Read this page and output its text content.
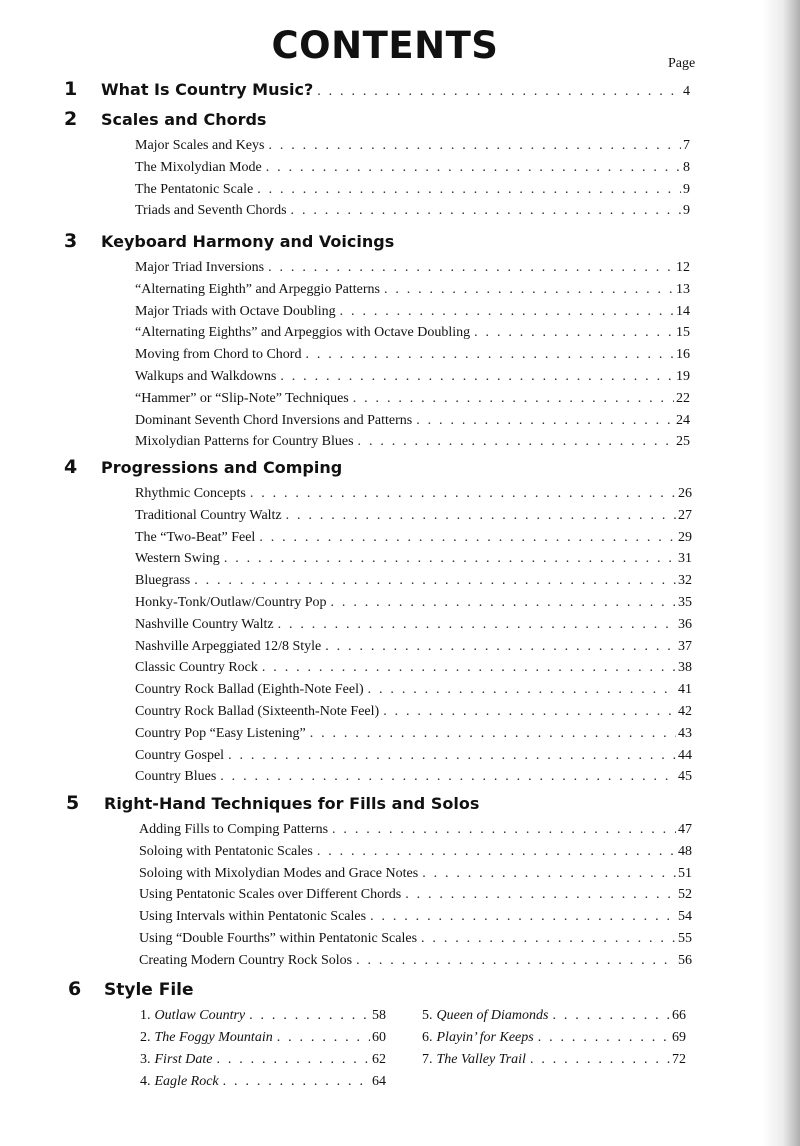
CONTENTS	Page
1 What Is Country Music? . . .	4
2 Scales and Chords
Major Scales and Keys . . .	7
The Mixolydian Mode . . .	8
The Pentatonic Scale . . .	9
Triads and Seventh Chords . . .	9
3 Keyboard Harmony and Voicings
Major Triad Inversions . . .	12
“Alternating Eighth” and Arpeggio Patterns . . .	13
Major Triads with Octave Doubling . . .	14
“Alternating Eighths” and Arpeggios with Octave Doubling . . .	15
Moving from Chord to Chord . . .	16
Walkups and Walkdowns . . .	19
“Hammer” or “Slip-Note” Techniques . . .	22
Dominant Seventh Chord Inversions and Patterns . . .	24
Mixolydian Patterns for Country Blues . . .	25
4 Progressions and Comping
Rhythmic Concepts . . .	26
Traditional Country Waltz . . .	27
The “Two-Beat” Feel . . .	29
Western Swing . . .	31
Bluegrass . . .	32
Honky-Tonk/Outlaw/Country Pop . . .	35
Nashville Country Waltz . . .	36
Nashville Arpeggiated 12/8 Style . . .	37
Classic Country Rock . . .	38
Country Rock Ballad (Eighth-Note Feel) . . .	41
Country Rock Ballad (Sixteenth-Note Feel) . . .	42
Country Pop “Easy Listening” . . .	43
Country Gospel . . .	44
Country Blues . . .	45
5 Right-Hand Techniques for Fills and Solos
Adding Fills to Comping Patterns . . .	47
Soloing with Pentatonic Scales . . .	48
Soloing with Mixolydian Modes and Grace Notes . . .	51
Using Pentatonic Scales over Different Chords . . .	52
Using Intervals within Pentatonic Scales . . .	54
Using “Double Fourths” within Pentatonic Scales . . .	55
Creating Modern Country Rock Solos . . .	56
6 Style File
1. Outlaw Country . . .	58
2. The Foggy Mountain . . .	60
3. First Date . . .	62
4. Eagle Rock . . .	64
5. Queen of Diamonds . . .	66
6. Playin’ for Keeps . . .	69
7. The Valley Trail . . .	72
